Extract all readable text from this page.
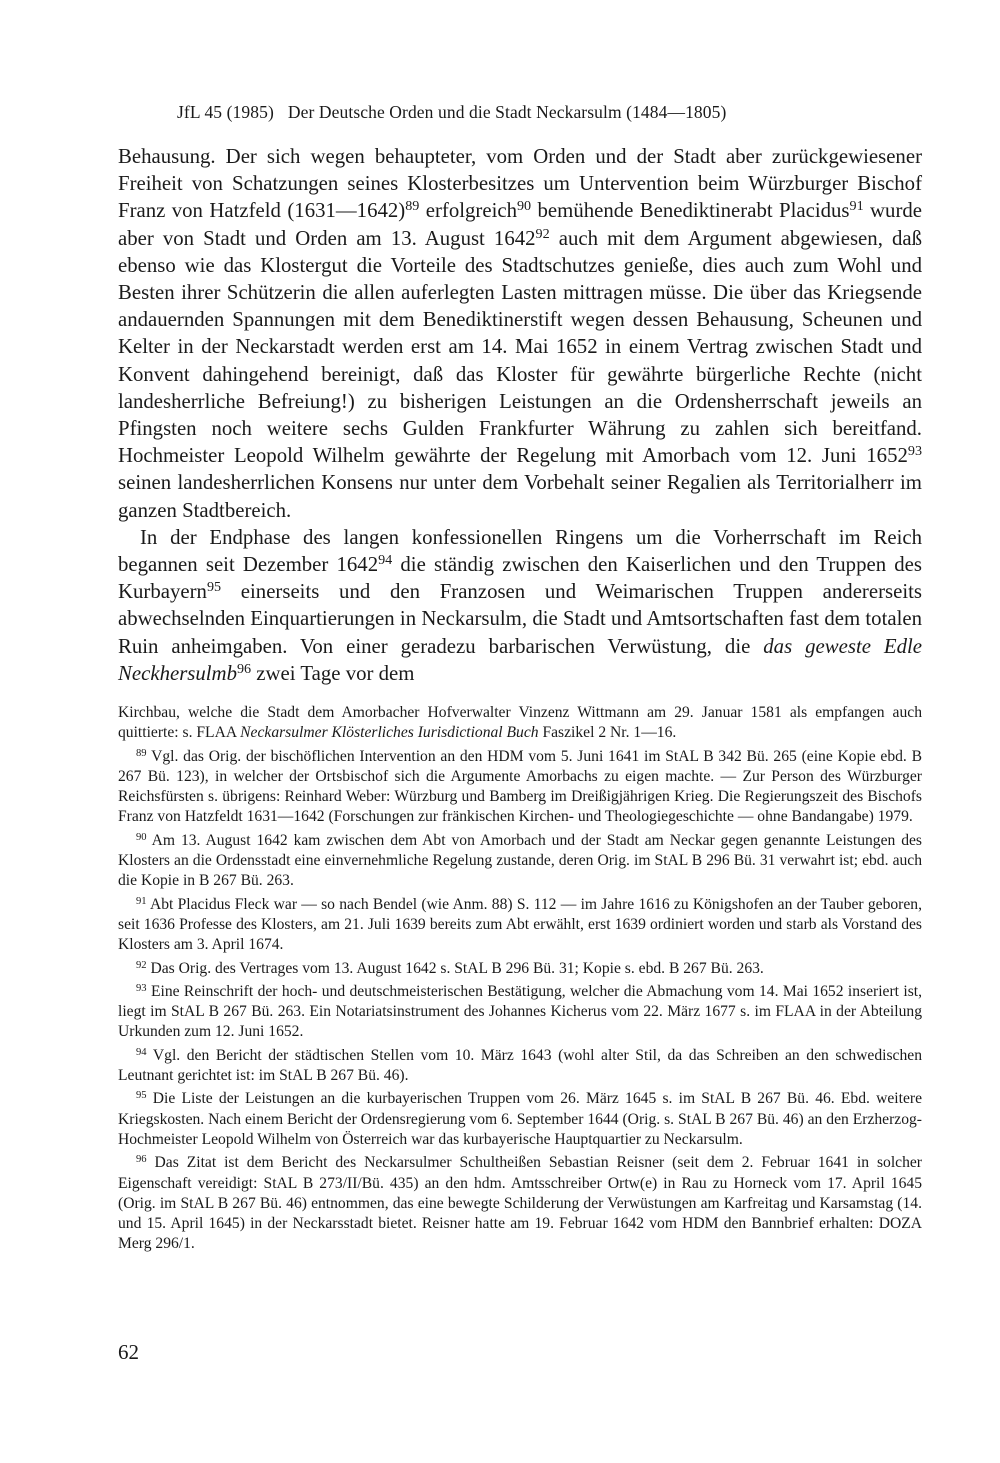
JfL 45 (1985) Der Deutsche Orden und die Stadt Neckarsulm (1484—1805)

Behausung. Der sich wegen behaupteter, vom Orden und der Stadt aber zurückgewiesener Freiheit von Schatzungen seines Klosterbesitzes um Untervention beim Würzburger Bischof Franz von Hatzfeld (1631—1642)$^{89}$ erfolgreich$^{90}$ bemühende Benediktinerabt Placidus$^{91}$ wurde aber von Stadt und Orden am 13. August 1642$^{92}$ auch mit dem Argument abgewiesen, daß ebenso wie das Klostergut die Vorteile des Stadtschutzes genieße, dies auch zum Wohl und Besten ihrer Schützerin die allen auferlegten Lasten mittragen müsse. Die über das Kriegsende andauernden Spannungen mit dem Benediktinerstift wegen dessen Behausung, Scheunen und Kelter in der Neckarstadt werden erst am 14. Mai 1652 in einem Vertrag zwischen Stadt und Konvent dahingehend bereinigt, daß das Kloster für gewährte bürgerliche Rechte (nicht landesherrliche Befreiung!) zu bisherigen Leistungen an die Ordensherrschaft jeweils an Pfingsten noch weitere sechs Gulden Frankfurter Währung zu zahlen sich bereitfand. Hochmeister Leopold Wilhelm gewährte der Regelung mit Amorbach vom 12. Juni 1652$^{93}$ seinen landesherrlichen Konsens nur unter dem Vorbehalt seiner Regalien als Territorialherr im ganzen Stadtbereich.

In der Endphase des langen konfessionellen Ringens um die Vorherrschaft im Reich begannen seit Dezember 1642$^{94}$ die ständig zwischen den Kaiserlichen und den Truppen des Kurbayern$^{95}$ einerseits und den Franzosen und Weimarischen Truppen andererseits abwechselnden Einquartierungen in Neckarsulm, die Stadt und Amtsortschaften fast dem totalen Ruin anheimgaben. Von einer geradezu barbarischen Verwüstung, die das geweste Edle Neckhersulmb$^{96}$ zwei Tage vor dem

Kirchbau, welche die Stadt dem Amorbacher Hofverwalter Vinzenz Wittmann am 29. Januar 1581 als empfangen auch quittierte: s. FLAA Neckarsulmer Klösterliches Iurisdictional Buch Faszikel 2 Nr. 1—16.

$^{89}$ Vgl. das Orig. der bischöflichen Intervention an den HDM vom 5. Juni 1641 im StAL B 342 Bü. 265 (eine Kopie ebd. B 267 Bü. 123), in welcher der Ortsbischof sich die Argumente Amorbachs zu eigen machte. — Zur Person des Würzburger Reichsfürsten s. übrigens: Reinhard Weber: Würzburg und Bamberg im Dreißigjährigen Krieg. Die Regierungszeit des Bischofs Franz von Hatzfeldt 1631—1642 (Forschungen zur fränkischen Kirchen- und Theologiegeschichte — ohne Bandangabe) 1979.

$^{90}$ Am 13. August 1642 kam zwischen dem Abt von Amorbach und der Stadt am Neckar gegen genannte Leistungen des Klosters an die Ordensstadt eine einvernehmliche Regelung zustande, deren Orig. im StAL B 296 Bü. 31 verwahrt ist; ebd. auch die Kopie in B 267 Bü. 263.

$^{91}$ Abt Placidus Fleck war — so nach Bendel (wie Anm. 88) S. 112 — im Jahre 1616 zu Königshofen an der Tauber geboren, seit 1636 Professe des Klosters, am 21. Juli 1639 bereits zum Abt erwählt, erst 1639 ordiniert worden und starb als Vorstand des Klosters am 3. April 1674.

$^{92}$ Das Orig. des Vertrages vom 13. August 1642 s. StAL B 296 Bü. 31; Kopie s. ebd. B 267 Bü. 263.

$^{93}$ Eine Reinschrift der hoch- und deutschmeisterischen Bestätigung, welcher die Abmachung vom 14. Mai 1652 inseriert ist, liegt im StAL B 267 Bü. 263. Ein Notariatsinstrument des Johannes Kicherus vom 22. März 1677 s. im FLAA in der Abteilung Urkunden zum 12. Juni 1652.

$^{94}$ Vgl. den Bericht der städtischen Stellen vom 10. März 1643 (wohl alter Stil, da das Schreiben an den schwedischen Leutnant gerichtet ist: im StAL B 267 Bü. 46).

$^{95}$ Die Liste der Leistungen an die kurbayerischen Truppen vom 26. März 1645 s. im StAL B 267 Bü. 46. Ebd. weitere Kriegskosten. Nach einem Bericht der Ordensregierung vom 6. September 1644 (Orig. s. StAL B 267 Bü. 46) an den Erzherzog-Hochmeister Leopold Wilhelm von Österreich war das kurbayerische Hauptquartier zu Neckarsulm.

$^{96}$ Das Zitat ist dem Bericht des Neckarsulmer Schultheißen Sebastian Reisner (seit dem 2. Februar 1641 in solcher Eigenschaft vereidigt: StAL B 273/II/Bü. 435) an den hdm. Amtsschreiber Ortw(e) in Rau zu Horneck vom 17. April 1645 (Orig. im StAL B 267 Bü. 46) entnommen, das eine bewegte Schilderung der Verwüstungen am Karfreitag und Karsamstag (14. und 15. April 1645) in der Neckarsstadt bietet. Reisner hatte am 19. Februar 1642 vom HDM den Bannbrief erhalten: DOZA Merg 296/1.

62
